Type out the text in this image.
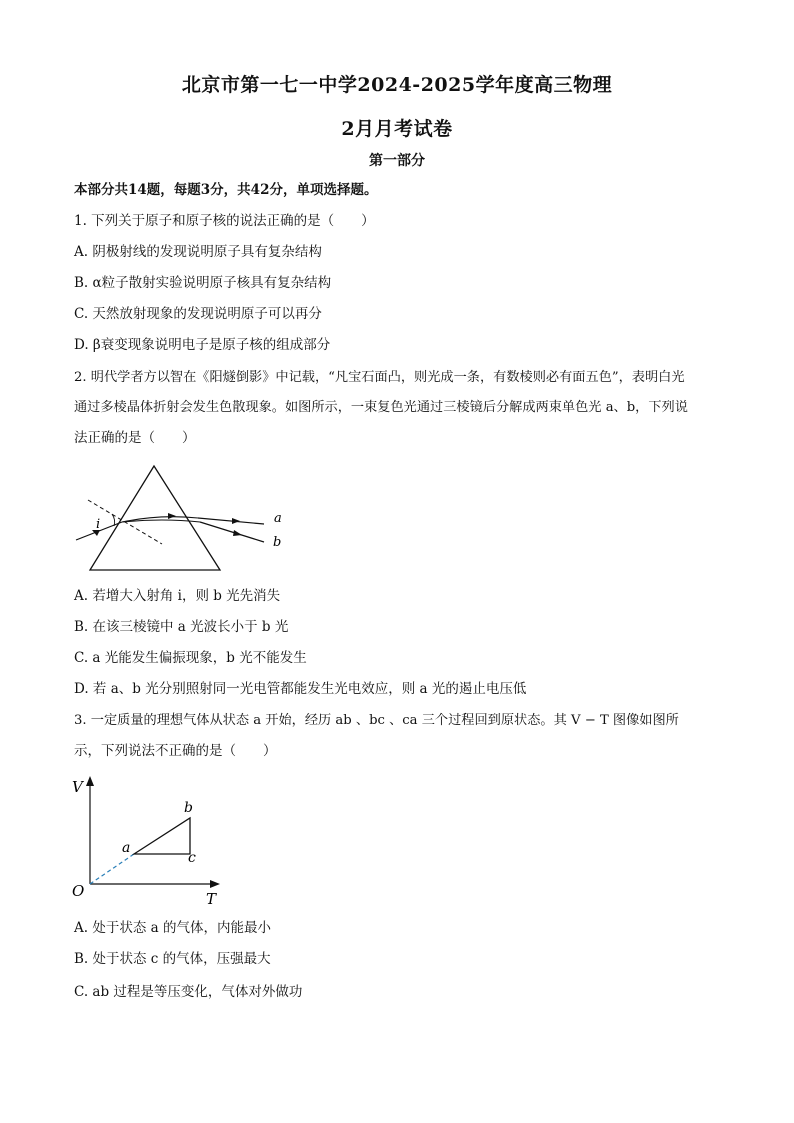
北京市第一七一中学2024-2025学年度高三物理
2月月考试卷
第一部分
本部分共14题，每题3分，共42分，单项选择题。
1. 下列关于原子和原子核的说法正确的是（　　）
A. 阴极射线的发现说明原子具有复杂结构
B. α粒子散射实验说明原子核具有复杂结构
C. 天然放射现象的发现说明原子可以再分
D. β衰变现象说明电子是原子核的组成部分
2. 明代学者方以智在《阳燧倒影》中记载，“凡宝石面凸，则光成一条，有数棱则必有面五色”，表明白光
通过多棱晶体折射会发生色散现象。如图所示，一束复色光通过三棱镜后分解成两束单色光 a、b，下列说
法正确的是（　　）
i	a
b
A. 若增大入射角 i，则 b 光先消失
B. 在该三棱镜中 a 光波长小于 b 光
C. a 光能发生偏振现象，b 光不能发生
D. 若 a、b 光分别照射同一光电管都能发生光电效应，则 a 光的遏止电压低
3. 一定质量的理想气体从状态 a 开始，经历 ab 、bc 、ca 三个过程回到原状态。其 V − T 图像如图所
示，下列说法不正确的是（　　）
V
T
O
a
b
c
A. 处于状态 a 的气体，内能最小
B. 处于状态 c 的气体，压强最大
C. ab 过程是等压变化，气体对外做功
